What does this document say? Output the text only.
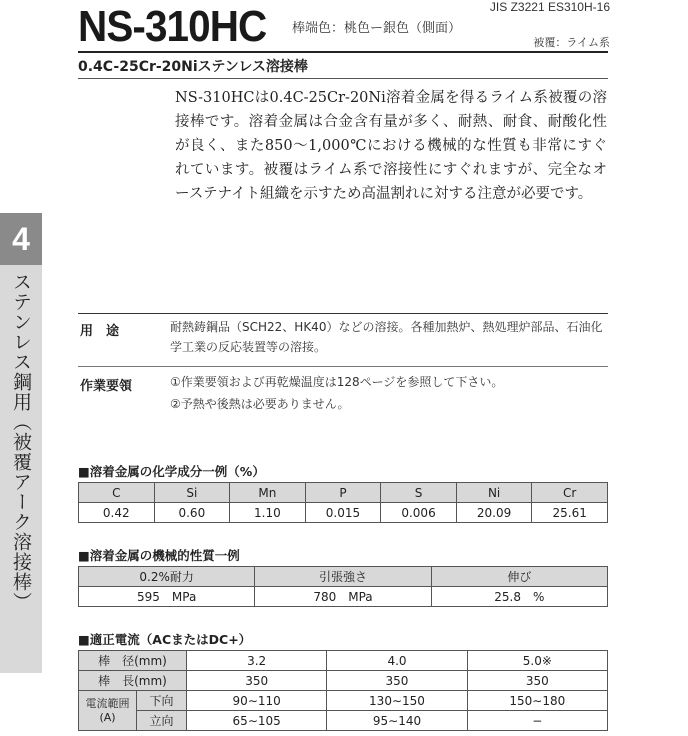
NS-310HC 棒端色：桃色ー銀色（側面）
JIS Z3221 ES310H-16
被覆：ライム系
0.4C-25Cr-20Niステンレス溶接棒
NS-310HCは0.4C-25Cr-20Ni溶着金属を得るライム系被覆の溶接棒です。溶着金属は合金含有量が多く、耐熱、耐食、耐酸化性が良く、また850～1,000℃における機械的な性質も非常にすぐれています。被覆はライム系で溶接性にすぐれますが、完全なオーステナイト組織を示すため高温割れに対する注意が必要です。
4
ステンレス鋼用（被覆アーク溶接棒）	用　途	耐熱鋳鋼品（SCH22、HK40）などの溶接。各種加熱炉、熱処理炉部品、石油化学工業の反応装置等の溶接。
作業要領	①作業要領および再乾燥温度は128ページを参照して下さい。
②予熱や後熱は必要ありません。
■溶着金属の化学成分一例（%）
C	Si	Mn	P	S	Ni	Cr
0.42	0.60	1.10	0.015	0.006	20.09	25.61
■溶着金属の機械的性質一例
0.2%耐力	引張強さ	伸び
595　MPa	780　MPa	25.8　%
■適正電流（ACまたはDC+）
棒　径(mm)		3.2	4.0	5.0※
棒　長(mm)		350	350	350
電流範囲(A)	下向	90∼110	130∼150	150∼180
	立向	65∼105	95∼140	−
